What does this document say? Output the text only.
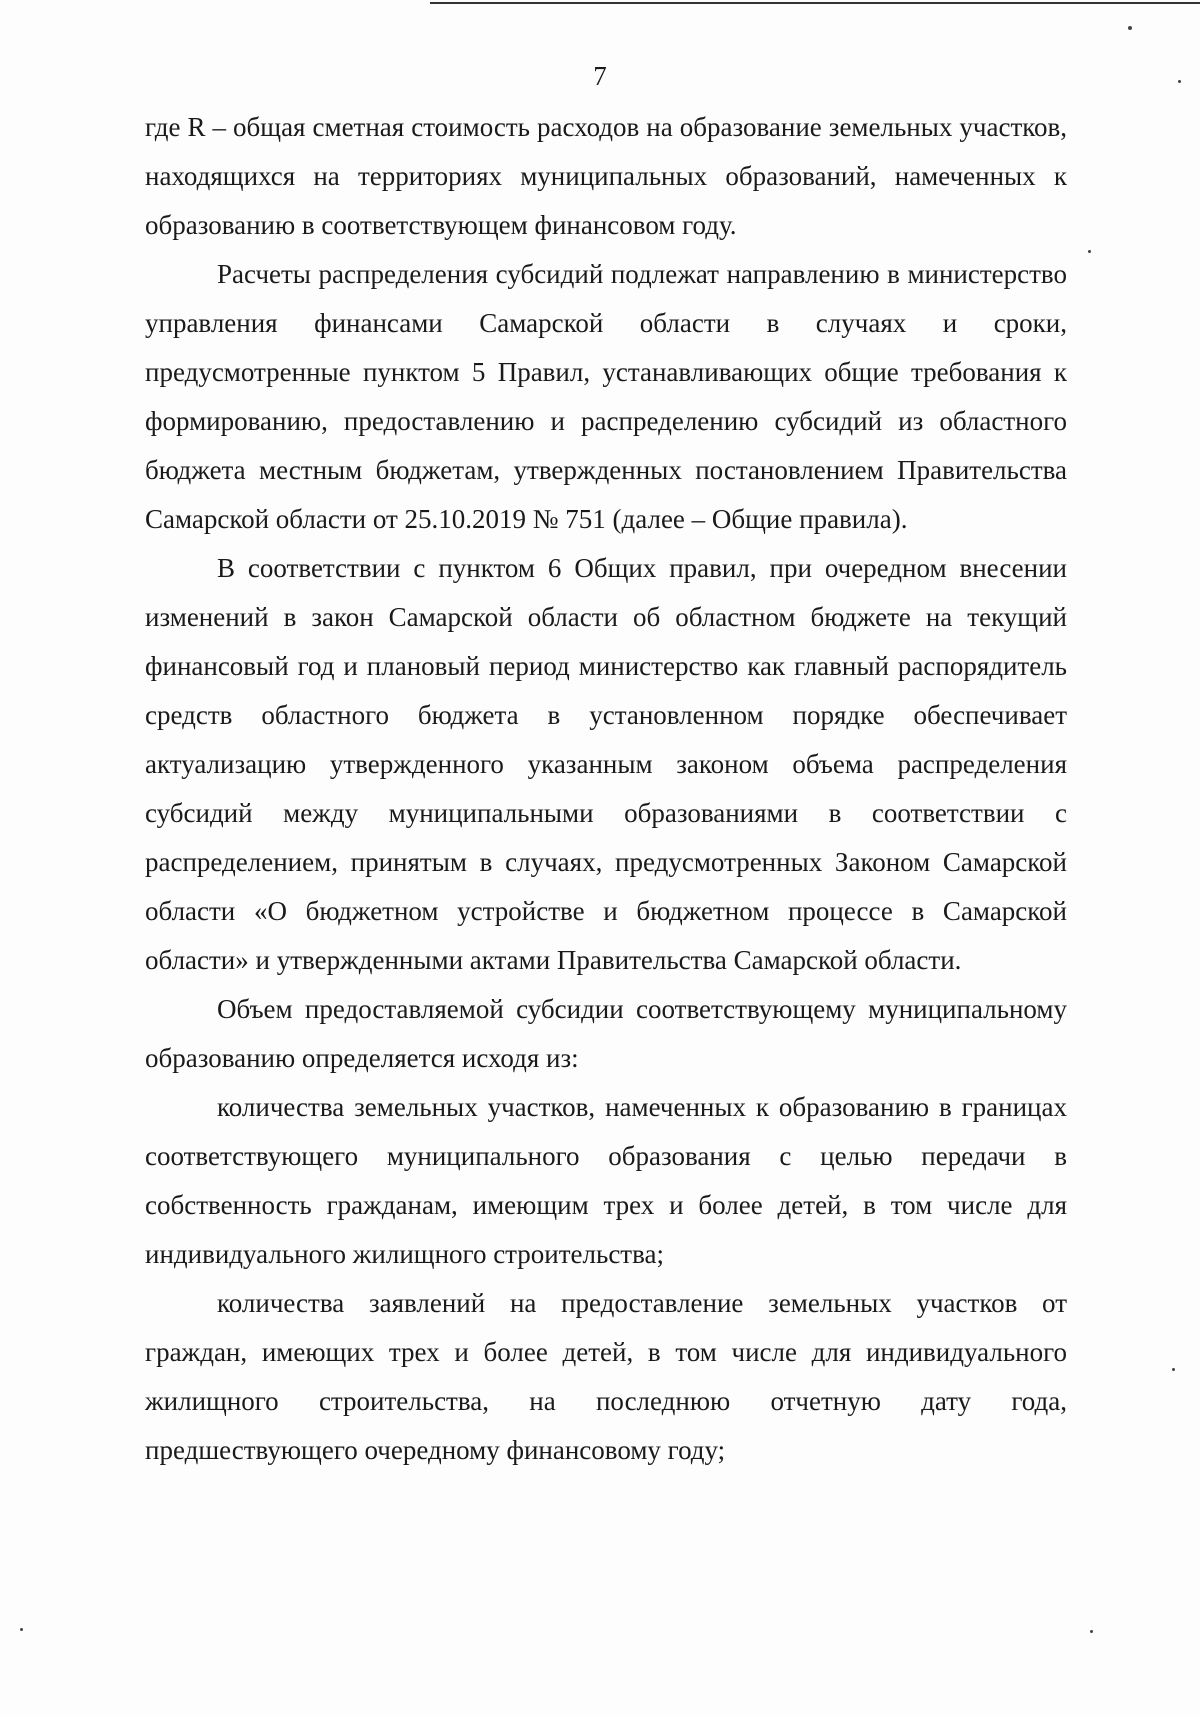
7

где R – общая сметная стоимость расходов на образование земельных участков, находящихся на территориях муниципальных образований, намеченных к образованию в соответствующем финансовом году.

Расчеты распределения субсидий подлежат направлению в министерство управления финансами Самарской области в случаях и сроки, предусмотренные пунктом 5 Правил, устанавливающих общие требования к формированию, предоставлению и распределению субсидий из областного бюджета местным бюджетам, утвержденных постановлением Правительства Самарской области от 25.10.2019 № 751 (далее – Общие правила).

В соответствии с пунктом 6 Общих правил, при очередном внесении изменений в закон Самарской области об областном бюджете на текущий финансовый год и плановый период министерство как главный распорядитель средств областного бюджета в установленном порядке обеспечивает актуализацию утвержденного указанным законом объема распределения субсидий между муниципальными образованиями в соответствии с распределением, принятым в случаях, предусмотренных Законом Самарской области «О бюджетном устройстве и бюджетном процессе в Самарской области» и утвержденными актами Правительства Самарской области.

Объем предоставляемой субсидии соответствующему муниципальному образованию определяется исходя из:

количества земельных участков, намеченных к образованию в границах соответствующего муниципального образования с целью передачи в собственность гражданам, имеющим трех и более детей, в том числе для индивидуального жилищного строительства;

количества заявлений на предоставление земельных участков от граждан, имеющих трех и более детей, в том числе для индивидуального жилищного строительства, на последнюю отчетную дату года, предшествующего очередному финансовому году;
